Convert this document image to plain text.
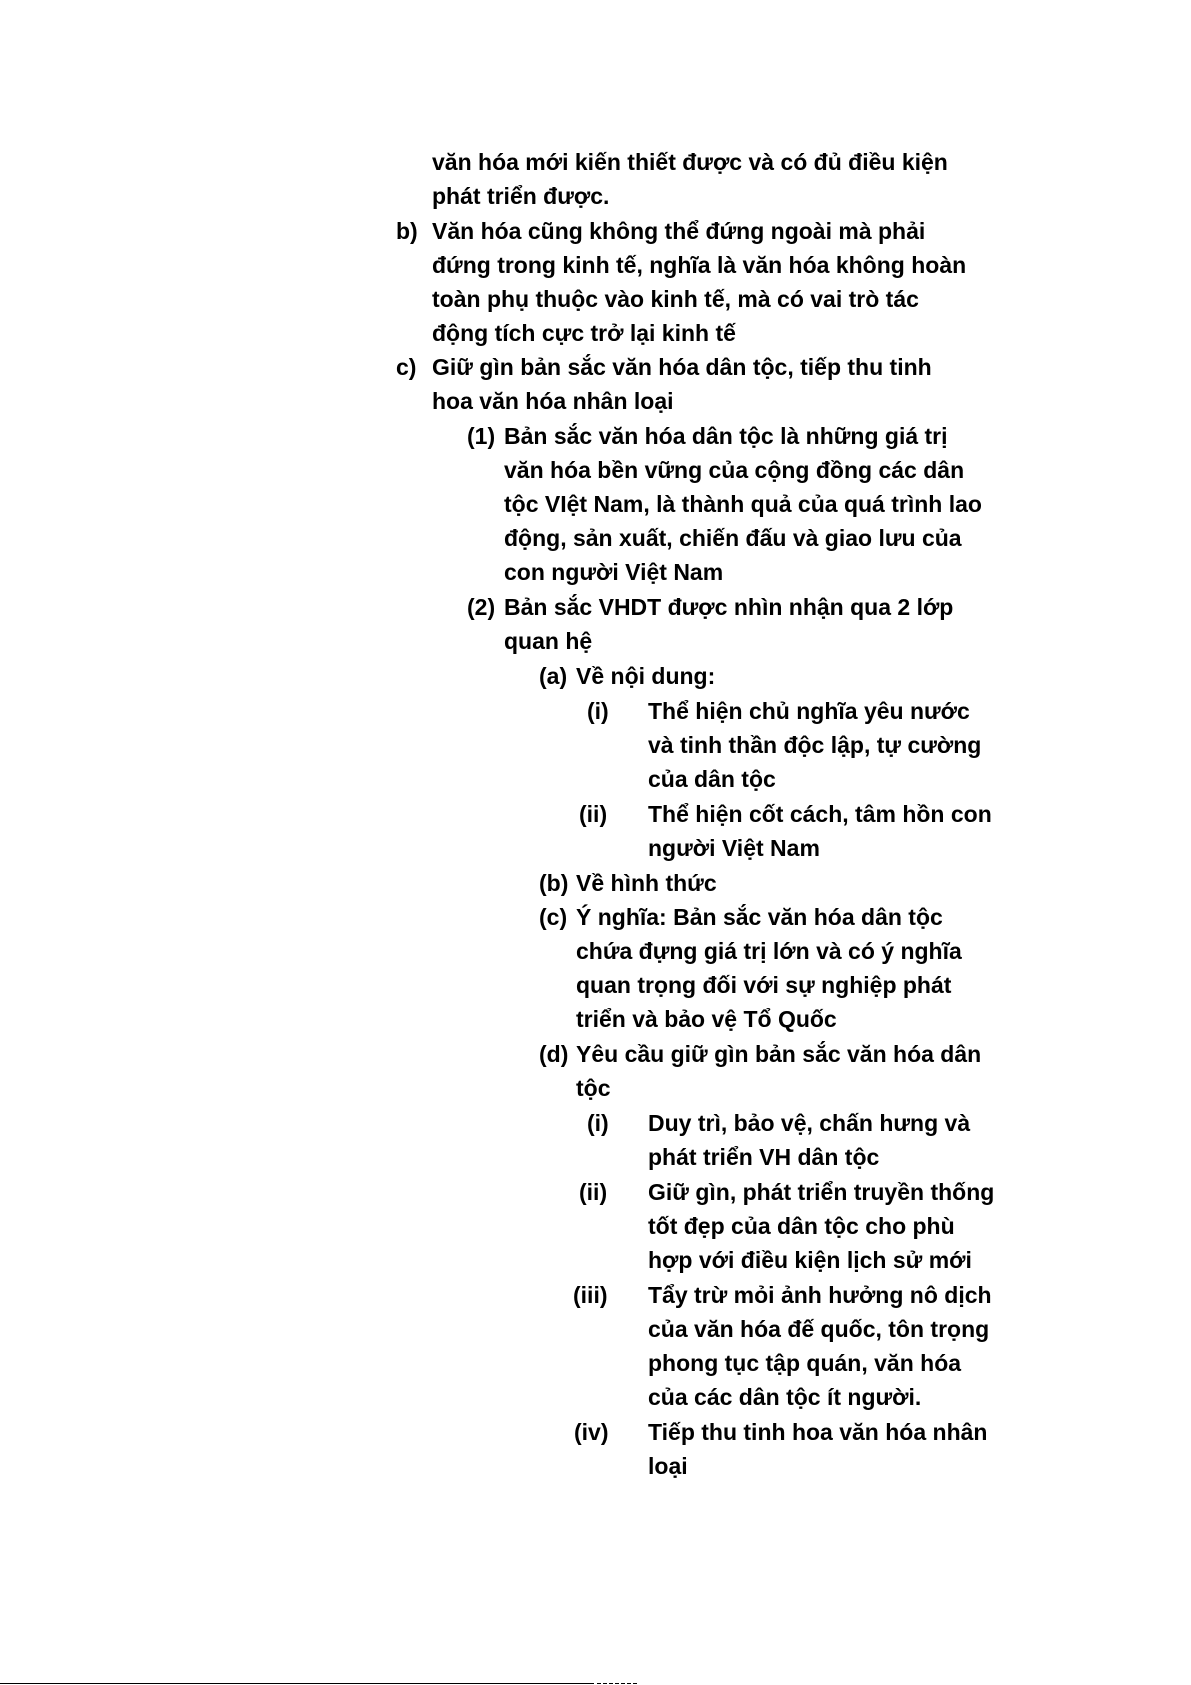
văn hóa mới kiến thiết được và có đủ điều kiện
phát triển được.
b) Văn hóa cũng không thể đứng ngoài mà phải
đứng trong kinh tế, nghĩa là văn hóa không hoàn
toàn phụ thuộc vào kinh tế, mà có vai trò tác
động tích cực trở lại kinh tế
c) Giữ gìn bản sắc văn hóa dân tộc, tiếp thu tinh
hoa văn hóa nhân loại
(1) Bản sắc văn hóa dân tộc là những giá trị
văn hóa bền vững của cộng đồng các dân
tộc VIệt Nam, là thành quả của quá trình lao
động, sản xuất, chiến đấu và giao lưu của
con người Việt Nam
(2) Bản sắc VHDT được nhìn nhận qua 2 lớp
quan hệ
(a) Về nội dung:
(i) Thể hiện chủ nghĩa yêu nước
và tinh thần độc lập, tự cường
của dân tộc
(ii) Thể hiện cốt cách, tâm hồn con
người Việt Nam
(b) Về hình thức
(c) Ý nghĩa: Bản sắc văn hóa dân tộc
chứa đựng giá trị lớn và có ý nghĩa
quan trọng đối với sự nghiệp phát
triển và bảo vệ Tổ Quốc
(d) Yêu cầu giữ gìn bản sắc văn hóa dân
tộc
(i) Duy trì, bảo vệ, chấn hưng và
phát triển VH dân tộc
(ii) Giữ gìn, phát triển truyền thống
tốt đẹp của dân tộc cho phù
hợp với điều kiện lịch sử mới
(iii) Tẩy trừ mỏi ảnh hưởng nô dịch
của văn hóa đế quốc, tôn trọng
phong tục tập quán, văn hóa
của các dân tộc ít người.
(iv) Tiếp thu tinh hoa văn hóa nhân
loại
